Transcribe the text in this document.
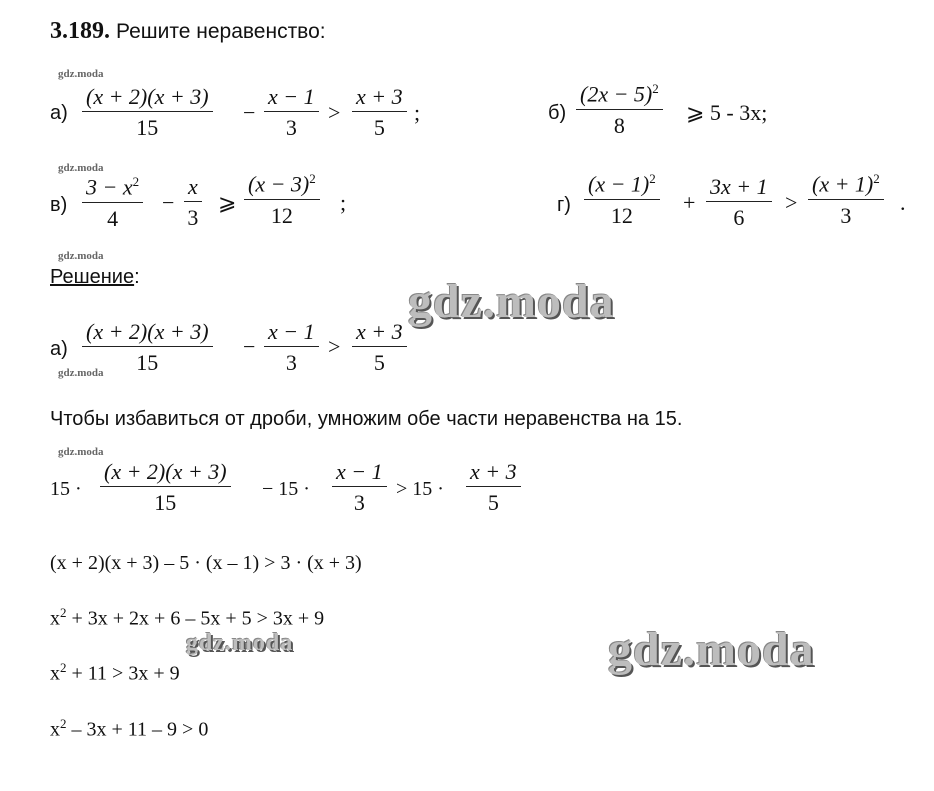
3.189. Решите неравенство:
gdz.moda
gdz.moda
gdz.moda
gdz.moda
gdz.moda
$а) \frac{(x + 2)(x + 3)}{15} - \frac{x - 1}{3} > \frac{x + 3}{5}$ ;	$б) \frac{(2x - 5)^2}{8}$ ⩾ 5 - 3x;
$в) \frac{3 - x^2}{4} - \frac{x}{3}$ ⩾ $\frac{(x - 3)^2}{12}$ ;	$г) \frac{(x - 1)^2}{12} + \frac{3x + 1}{6} > \frac{(x + 1)^2}{3}$ .
Решение:	gdz.moda
$а) \frac{(x + 2)(x + 3)}{15} - \frac{x - 1}{3} > \frac{x + 3}{5}$
Чтобы избавиться от дроби, умножим обе части неравенства на 15.
$15 \cdot \frac{(x + 2)(x + 3)}{15} - 15 \cdot \frac{x - 1}{3} > 15 \cdot \frac{x + 3}{5}$
(x + 2)(x + 3) – 5 · (x – 1) > 3 · (x + 3)
$x^2 + 3x + 2x + 6 - 5x + 5 > 3x + 9$
gdz.moda	gdz.moda
$x^2 + 11 > 3x + 9$
$x^2 - 3x + 11 - 9 > 0$
